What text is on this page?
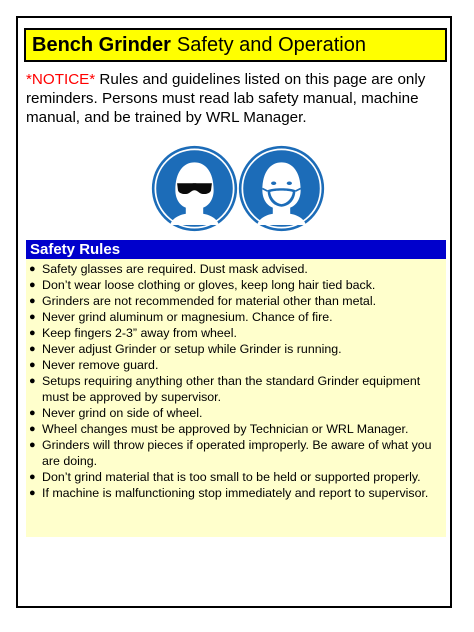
Bench Grinder Safety and Operation
*NOTICE* Rules and guidelines listed on this page are only reminders. Persons must read lab safety manual, machine manual, and be trained by WRL Manager.
Safety Rules
● Safety glasses are required. Dust mask advised.
● Don’t wear loose clothing or gloves, keep long hair tied back.
● Grinders are not recommended for material other than metal.
● Never grind aluminum or magnesium. Chance of fire.
● Keep fingers 2-3” away from wheel.
● Never adjust Grinder or setup while Grinder is running.
● Never remove guard.
● Setups requiring anything other than the standard Grinder equipment must be approved by supervisor.
● Never grind on side of wheel.
● Wheel changes must be approved by Technician or WRL Manager.
● Grinders will throw pieces if operated improperly. Be aware of what you are doing.
● Don’t grind material that is too small to be held or supported properly.
● If machine is malfunctioning stop immediately and report to supervisor.
